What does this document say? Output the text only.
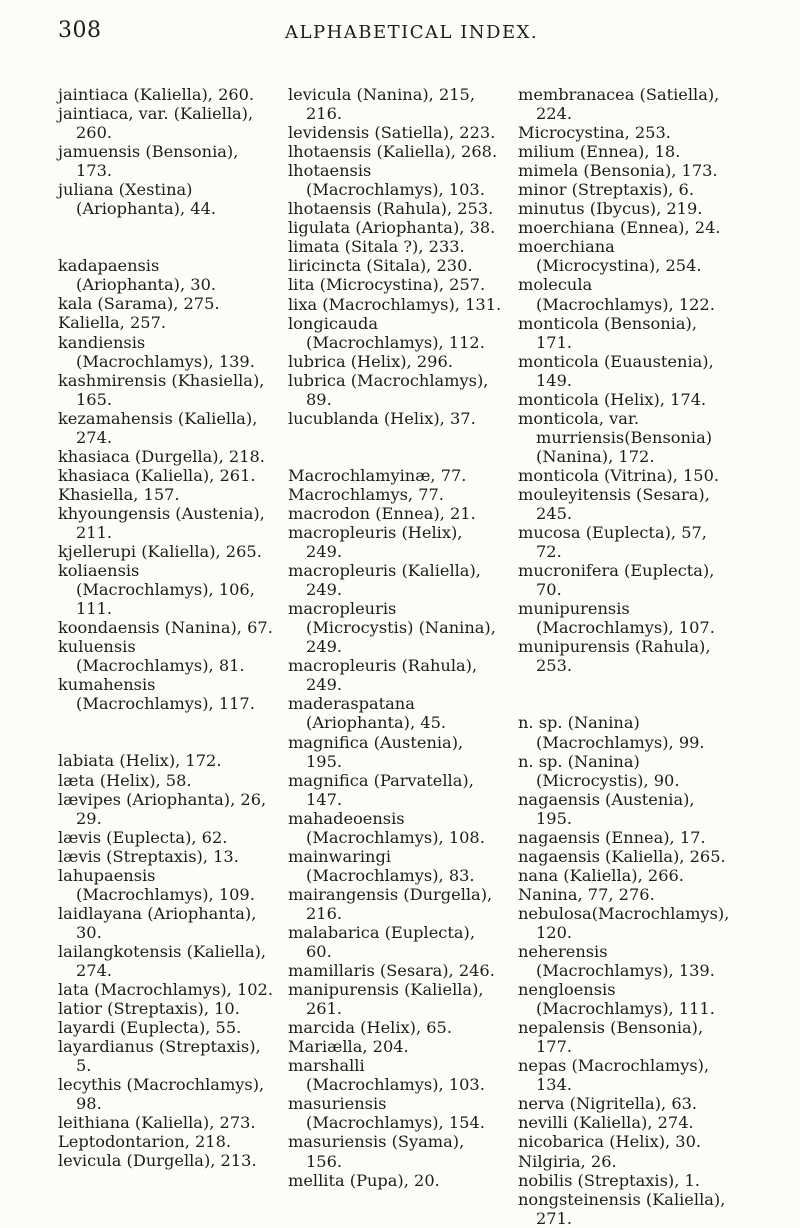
308	ALPHABETICAL INDEX.
jaintiaca (Kaliella), 260.
jaintiaca, var. (Kaliella), 260.
jamuensis (Bensonia), 173.
juliana (Xestina) (Ariophanta), 44.
kadapaensis (Ariophanta), 30.
kala (Sarama), 275.
Kaliella, 257.
kandiensis (Macrochlamys), 139.
kashmirensis (Khasiella), 165.
kezamahensis (Kaliella), 274.
khasiaca (Durgella), 218.
khasiaca (Kaliella), 261.
Khasiella, 157.
khyoungensis (Austenia), 211.
kjellerupi (Kaliella), 265.
koliaensis (Macrochlamys), 106, 111.
koondaensis (Nanina), 67.
kuluensis (Macrochlamys), 81.
kumahensis (Macrochlamys), 117.
labiata (Helix), 172.
læta (Helix), 58.
lævipes (Ariophanta), 26, 29.
lævis (Euplecta), 62.
lævis (Streptaxis), 13.
lahupaensis (Macrochlamys), 109.
laidlayana (Ariophanta), 30.
lailangkotensis (Kaliella), 274.
lata (Macrochlamys), 102.
latior (Streptaxis), 10.
layardi (Euplecta), 55.
layardianus (Streptaxis), 5.
lecythis (Macrochlamys), 98.
leithiana (Kaliella), 273.
Leptodontarion, 218.
levicula (Durgella), 213.
levicula (Nanina), 215, 216.
levidensis (Satiella), 223.
lhotaensis (Kaliella), 268.
lhotaensis (Macrochlamys), 103.
lhotaensis (Rahula), 253.
ligulata (Ariophanta), 38.
limata (Sitala ?), 233.
liricincta (Sitala), 230.
lita (Microcystina), 257.
lixa (Macrochlamys), 131.
longicauda (Macrochlamys), 112.
lubrica (Helix), 296.
lubrica (Macrochlamys), 89.
lucublanda (Helix), 37.
Macrochlamyinæ, 77.
Macrochlamys, 77.
macrodon (Ennea), 21.
macropleuris (Helix), 249.
macropleuris (Kaliella), 249.
macropleuris (Microcystis) (Nanina), 249.
macropleuris (Rahula), 249.
maderaspatana (Ariophanta), 45.
magnifica (Austenia), 195.
magnifica (Parvatella), 147.
mahadeoensis (Macrochlamys), 108.
mainwaringi (Macrochlamys), 83.
mairangensis (Durgella), 216.
malabarica (Euplecta), 60.
mamillaris (Sesara), 246.
manipurensis (Kaliella), 261.
marcida (Helix), 65.
Mariælla, 204.
marshalli (Macrochlamys), 103.
masuriensis (Macrochlamys), 154.
masuriensis (Syama), 156.
mellita (Pupa), 20.
membranacea (Satiella), 224.
Microcystina, 253.
milium (Ennea), 18.
mimela (Bensonia), 173.
minor (Streptaxis), 6.
minutus (Ibycus), 219.
moerchiana (Ennea), 24.
moerchiana (Microcystina), 254.
molecula (Macrochlamys), 122.
monticola (Bensonia), 171.
monticola (Euaustenia), 149.
monticola (Helix), 174.
monticola, var. murriensis(Bensonia)(Nanina), 172.
monticola (Vitrina), 150.
mouleyitensis (Sesara), 245.
mucosa (Euplecta), 57, 72.
mucronifera (Euplecta), 70.
munipurensis (Macrochlamys), 107.
munipurensis (Rahula), 253.
n. sp. (Nanina) (Macrochlamys), 99.
n. sp. (Nanina) (Microcystis), 90.
nagaensis (Austenia), 195.
nagaensis (Ennea), 17.
nagaensis (Kaliella), 265.
nana (Kaliella), 266.
Nanina, 77, 276.
nebulosa(Macrochlamys), 120.
neherensis (Macrochlamys), 139.
nengloensis (Macrochlamys), 111.
nepalensis (Bensonia), 177.
nepas (Macrochlamys), 134.
nerva (Nigritella), 63.
nevilli (Kaliella), 274.
nicobarica (Helix), 30.
Nilgiria, 26.
nobilis (Streptaxis), 1.
nongsteinensis (Kaliella), 271.
